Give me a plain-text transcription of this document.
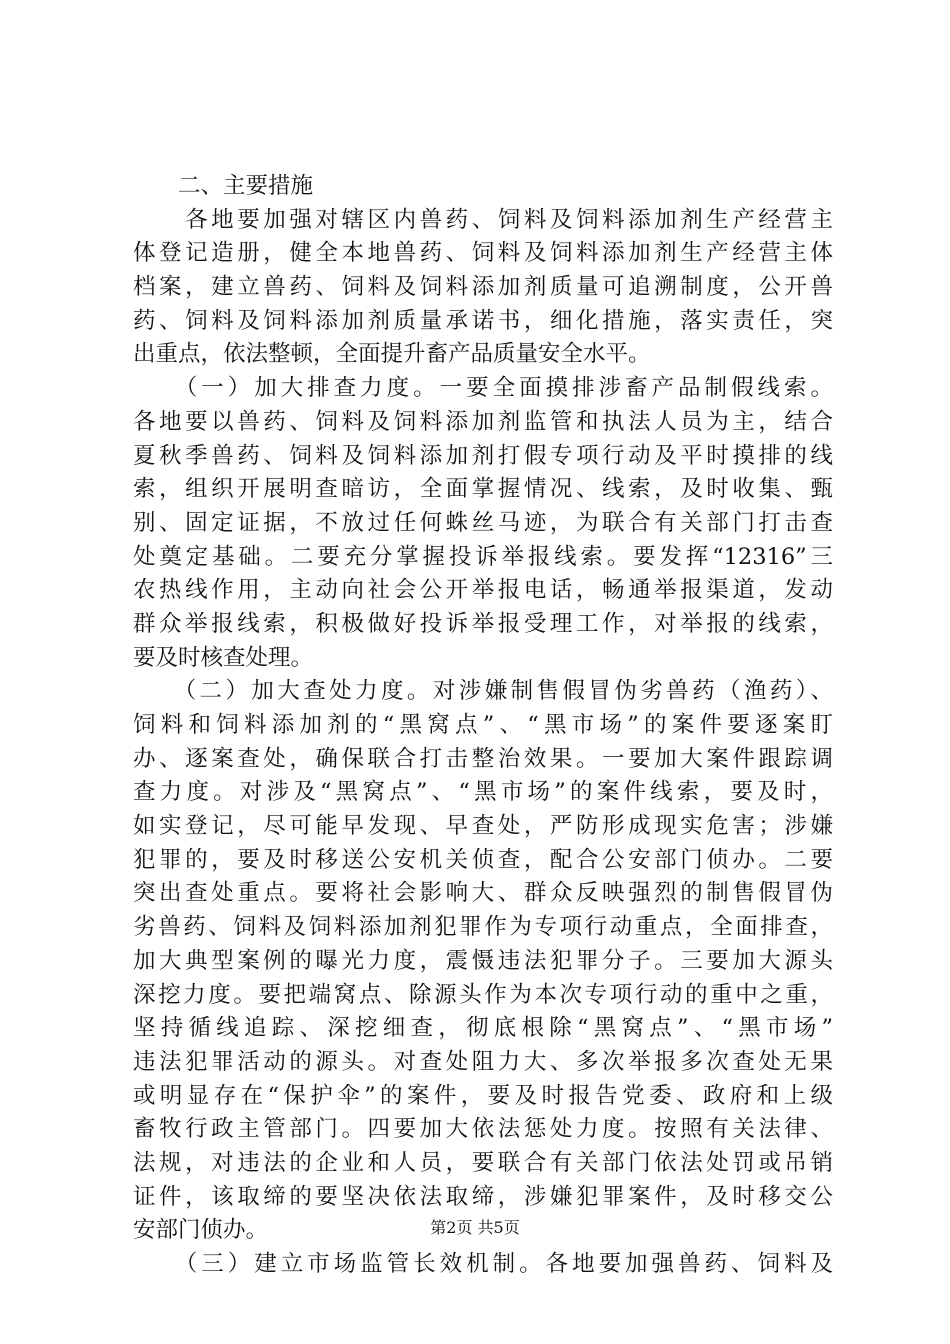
　　二、主要措施
　　各地要加强对辖区内兽药、饲料及饲料添加剂生产经营主
体登记造册，健全本地兽药、饲料及饲料添加剂生产经营主体
档案，建立兽药、饲料及饲料添加剂质量可追溯制度，公开兽
药、饲料及饲料添加剂质量承诺书，细化措施，落实责任，突
出重点，依法整顿，全面提升畜产品质量安全水平。
　　（一）加大排查力度。一要全面摸排涉畜产品制假线索。
各地要以兽药、饲料及饲料添加剂监管和执法人员为主，结合
夏秋季兽药、饲料及饲料添加剂打假专项行动及平时摸排的线
索，组织开展明查暗访，全面掌握情况、线索，及时收集、甄
别、固定证据，不放过任何蛛丝马迹，为联合有关部门打击查
处奠定基础。二要充分掌握投诉举报线索。要发挥“12316”三
农热线作用，主动向社会公开举报电话，畅通举报渠道，发动
群众举报线索，积极做好投诉举报受理工作，对举报的线索，
要及时核查处理。
　　（二）加大查处力度。对涉嫌制售假冒伪劣兽药（渔药）、
饲料和饲料添加剂的“黑窝点”、“黑市场”的案件要逐案盯
办、逐案查处，确保联合打击整治效果。一要加大案件跟踪调
查力度。对涉及“黑窝点”、“黑市场”的案件线索，要及时，
如实登记，尽可能早发现、早查处，严防形成现实危害；涉嫌
犯罪的，要及时移送公安机关侦查，配合公安部门侦办。二要
突出查处重点。要将社会影响大、群众反映强烈的制售假冒伪
劣兽药、饲料及饲料添加剂犯罪作为专项行动重点，全面排查，
加大典型案例的曝光力度，震慑违法犯罪分子。三要加大源头
深挖力度。要把端窝点、除源头作为本次专项行动的重中之重，
坚持循线追踪、深挖细查，彻底根除“黑窝点”、“黑市场”
违法犯罪活动的源头。对查处阻力大、多次举报多次查处无果
或明显存在“保护伞”的案件，要及时报告党委、政府和上级
畜牧行政主管部门。四要加大依法惩处力度。按照有关法律、
法规，对违法的企业和人员，要联合有关部门依法处罚或吊销
证件，该取缔的要坚决依法取缔，涉嫌犯罪案件，及时移交公
安部门侦办。
　　（三）建立市场监管长效机制。各地要加强兽药、饲料及
第2页 共5页
